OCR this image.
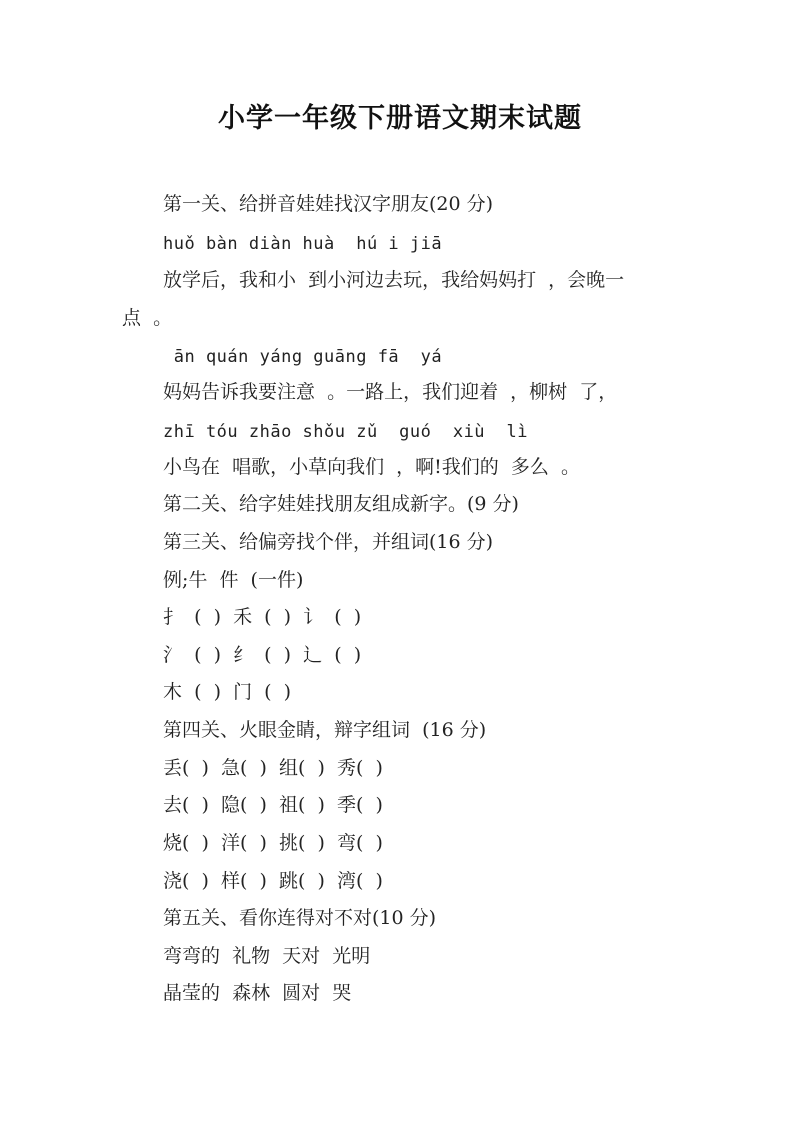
小学一年级下册语文期末试题
第一关、给拼音娃娃找汉字朋友(20 分)
huǒ bàn diàn huà  hú i jiā
放学后，我和小  到小河边去玩，我给妈妈打  ，会晚一
点  。
ān quán yáng guāng fā  yá
妈妈告诉我要注意  。一路上，我们迎着  ，柳树  了，
zhī tóu zhāo shǒu zǔ  guó  xiù  lì
小鸟在  唱歌，小草向我们  ，啊!我们的  多么  。
第二关、给字娃娃找朋友组成新字。(9 分)
第三关、给偏旁找个伴，并组词(16 分)
例;牛  件  (一件)
扌  (  )  禾  (  )  讠  (  )
氵  (  )  纟  (  )  辶  (  )
木  (  )  门  (  )
第四关、火眼金睛，辩字组词  (16 分)
丢(  )  急(  )  组(  )  秀(  )
去(  )  隐(  )  祖(  )  季(  )
烧(  )  洋(  )  挑(  )  弯(  )
浇(  )  样(  )  跳(  )  湾(  )
第五关、看你连得对不对(10 分)
弯弯的  礼物  天对  光明
晶莹的  森林  圆对  哭
